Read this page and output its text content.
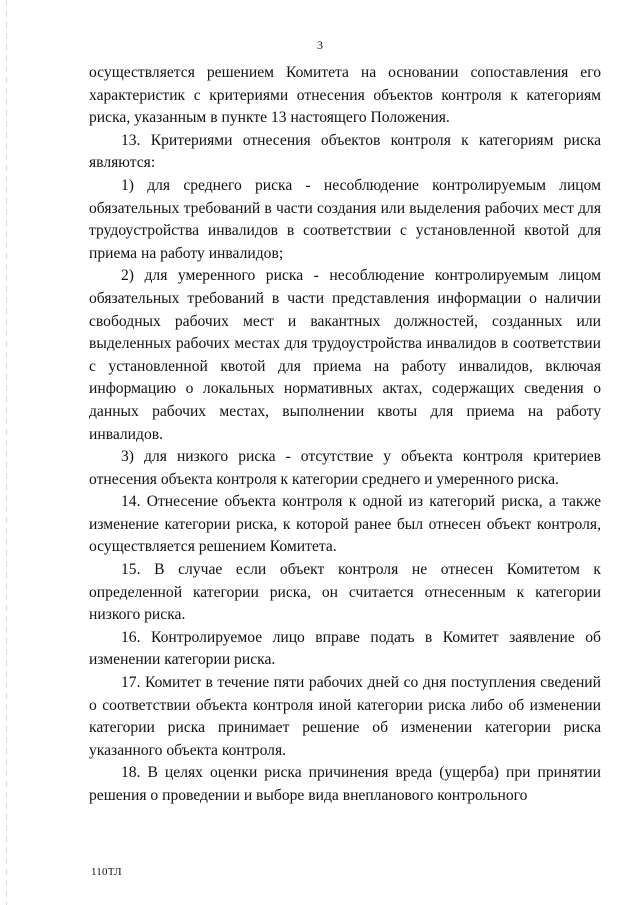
3

осуществляется решением Комитета на основании сопоставления его характеристик с критериями отнесения объектов контроля к категориям риска, указанным в пункте 13 настоящего Положения.

13. Критериями отнесения объектов контроля к категориям риска являются:

1) для среднего риска - несоблюдение контролируемым лицом обязательных требований в части создания или выделения рабочих мест для трудоустройства инвалидов в соответствии с установленной квотой для приема на работу инвалидов;

2) для умеренного риска - несоблюдение контролируемым лицом обязательных требований в части представления информации о наличии свободных рабочих мест и вакантных должностей, созданных или выделенных рабочих местах для трудоустройства инвалидов в соответствии с установленной квотой для приема на работу инвалидов, включая информацию о локальных нормативных актах, содержащих сведения о данных рабочих местах, выполнении квоты для приема на работу инвалидов.

3) для низкого риска - отсутствие у объекта контроля критериев отнесения объекта контроля к категории среднего и умеренного риска.

14. Отнесение объекта контроля к одной из категорий риска, а также изменение категории риска, к которой ранее был отнесен объект контроля, осуществляется решением Комитета.

15. В случае если объект контроля не отнесен Комитетом к определенной категории риска, он считается отнесенным к категории низкого риска.

16. Контролируемое лицо вправе подать в Комитет заявление об изменении категории риска.

17. Комитет в течение пяти рабочих дней со дня поступления сведений о соответствии объекта контроля иной категории риска либо об изменении категории риска принимает решение об изменении категории риска указанного объекта контроля.

18. В целях оценки риска причинения вреда (ущерба) при принятии решения о проведении и выборе вида внепланового контрольного

110ТЛ
